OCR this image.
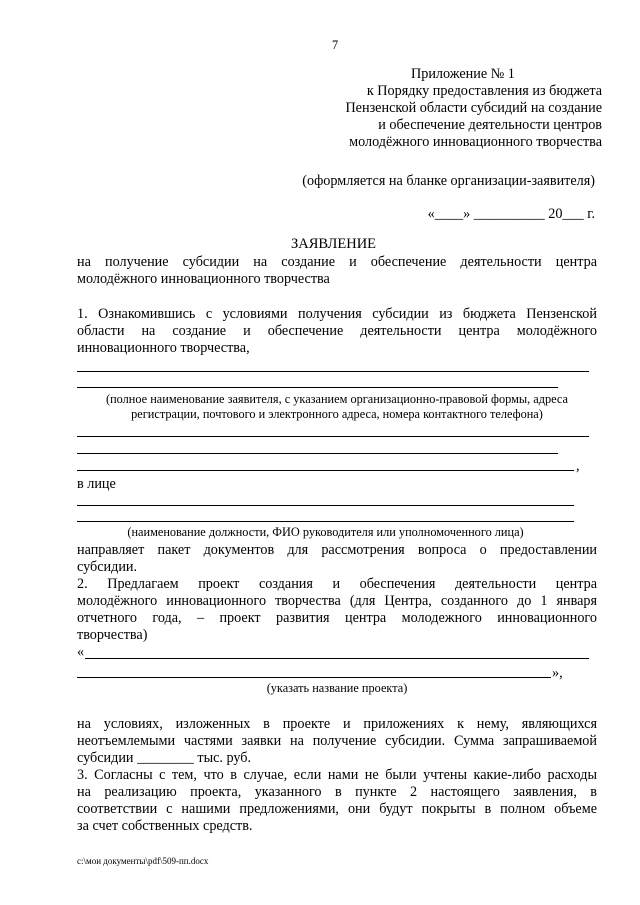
7
Приложение № 1
к Порядку предоставления из бюджета
Пензенской области субсидий на создание
и обеспечение деятельности центров
молодёжного инновационного творчества
(оформляется на бланке организации-заявителя)
«____» __________ 20___ г.
ЗАЯВЛЕНИЕ
на получение субсидии на создание и обеспечение деятельности центра
молодёжного инновационного творчества
1. Ознакомившись с условиями получения субсидии из бюджета Пензенской
области на создание и обеспечение деятельности центра молодёжного
инновационного творчества,
(полное наименование заявителя, с указанием организационно-правовой формы, адреса
регистрации, почтового и электронного адреса, номера контактного телефона)
,
в лице
(наименование должности, ФИО руководителя или уполномоченного лица)
направляет пакет документов для рассмотрения вопроса о предоставлении
субсидии.
2. Предлагаем проект создания и обеспечения деятельности центра
молодёжного инновационного творчества (для Центра, созданного до 1 января
отчетного года, – проект развития центра молодежного инновационного
творчества)
«
»,
(указать название проекта)
на условиях, изложенных в проекте и приложениях к нему, являющихся
неотъемлемыми частями заявки на получение субсидии. Сумма запрашиваемой
субсидии ________ тыс. руб.
3. Согласны с тем, что в случае, если нами не были учтены какие-либо расходы
на реализацию проекта, указанного в пункте 2 настоящего заявления, в
соответствии с нашими предложениями, они будут покрыты в полном объеме
за счет собственных средств.
c:\мои документы\pdf\509-пп.docx
